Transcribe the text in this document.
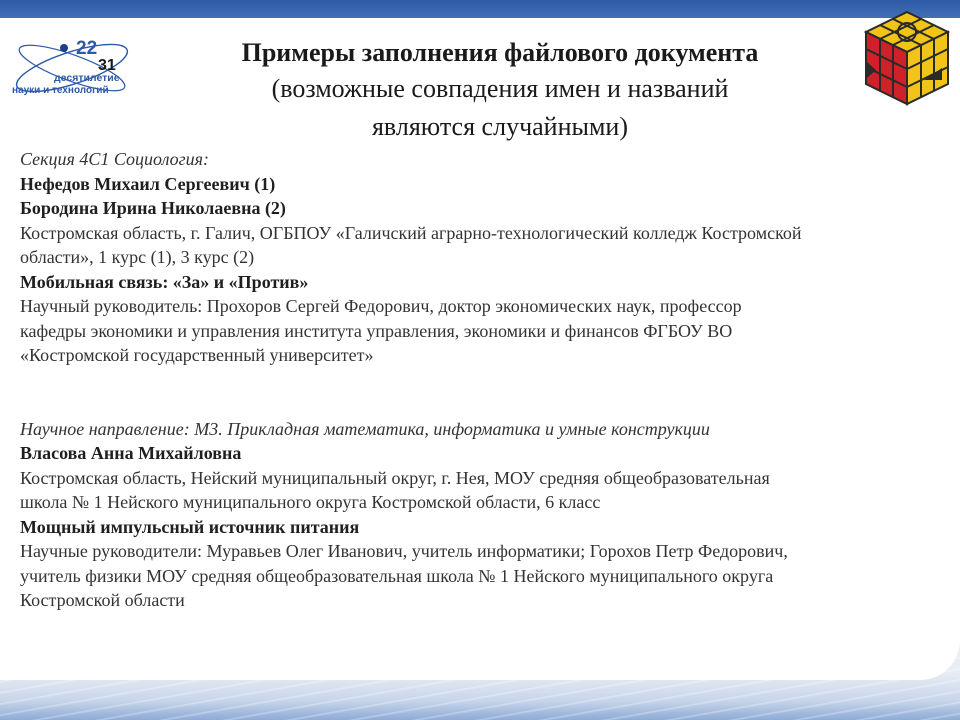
22
31
десятилетие
науки и технологий
Примеры заполнения файлового документа
(возможные совпадения имен и названий
являются случайными)

Секция 4С1 Социология:

Нефедов Михаил Сергеевич (1)

Бородина Ирина Николаевна (2)

Костромская область, г. Галич, ОГБПОУ «Галичский аграрно-технологический колледж Костромской

области», 1 курс (1), 3 курс (2)

Мобильная связь: «За» и «Против»

Научный руководитель: Прохоров Сергей Федорович, доктор экономических наук, профессор

кафедры экономики и управления института управления, экономики и финансов ФГБОУ ВО

«Костромской государственный университет»

Научное направление: М3. Прикладная математика, информатика и умные конструкции

Власова Анна Михайловна

Костромская область, Нейский муниципальный округ, г. Нея, МОУ средняя общеобразовательная

школа № 1 Нейского муниципального округа Костромской области, 6 класс

Мощный импульсный источник питания

Научные руководители: Муравьев Олег Иванович, учитель информатики; Горохов Петр Федорович,

учитель физики МОУ средняя общеобразовательная школа № 1 Нейского муниципального округа

Костромской области
